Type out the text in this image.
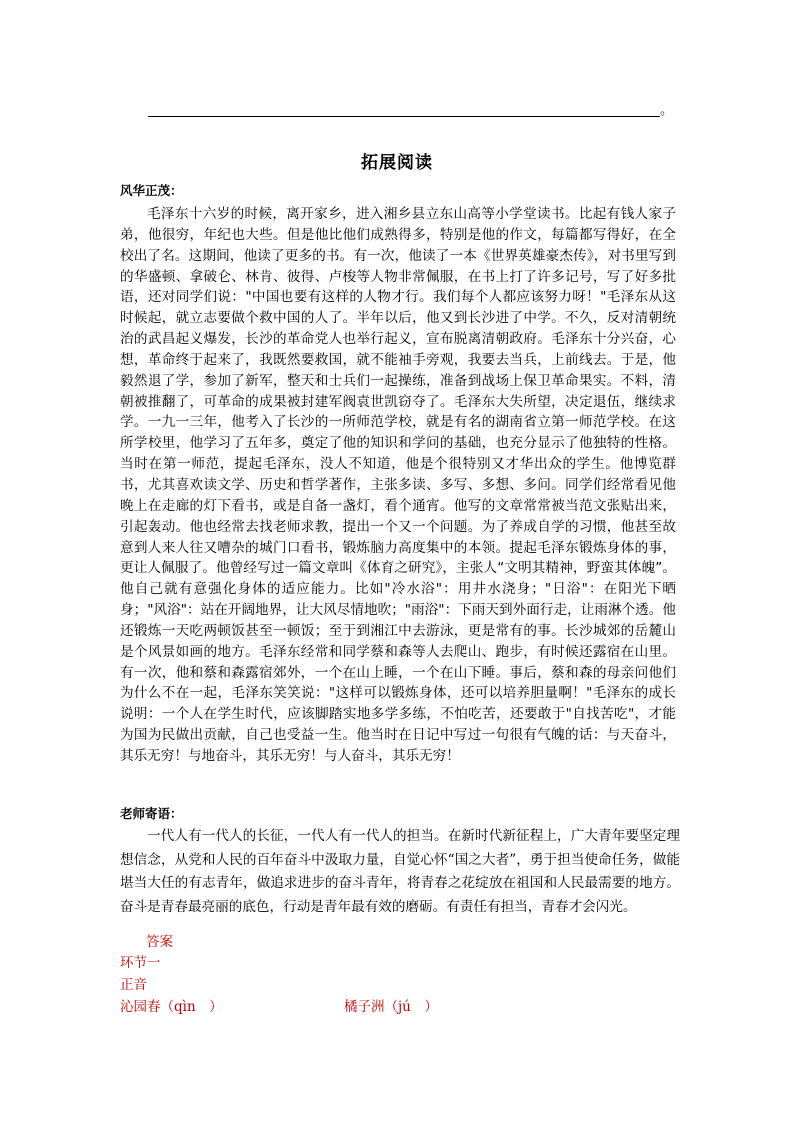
。
拓展阅读
风华正茂：

毛泽东十六岁的时候，离开家乡，进入湘乡县立东山高等小学堂读书。比起有钱人家子弟，他很穷，年纪也大些。但是他比他们成熟得多，特别是他的作文，每篇都写得好，在全校出了名。这期间，他读了更多的书。有一次，他读了一本《世界英雄豪杰传》，对书里写到的华盛顿、拿破仑、林肯、彼得、卢梭等人物非常佩服，在书上打了许多记号，写了好多批语，还对同学们说："中国也要有这样的人物才行。我们每个人都应该努力呀！"毛泽东从这时候起，就立志要做个救中国的人了。半年以后，他又到长沙进了中学。不久，反对清朝统治的武昌起义爆发，长沙的革命党人也举行起义，宣布脱离清朝政府。毛泽东十分兴奋，心想，革命终于起来了，我既然要救国，就不能袖手旁观，我要去当兵，上前线去。于是，他毅然退了学，参加了新军，整天和士兵们一起操练，准备到战场上保卫革命果实。不料，清朝被推翻了，可革命的成果被封建军阀袁世凯窃夺了。毛泽东大失所望，决定退伍，继续求学。一九一三年，他考入了长沙的一所师范学校，就是有名的湖南省立第一师范学校。在这所学校里，他学习了五年多，奠定了他的知识和学问的基础，也充分显示了他独特的性格。当时在第一师范，提起毛泽东，没人不知道，他是个很特别又才华出众的学生。他博览群书，尤其喜欢读文学、历史和哲学著作，主张多读、多写、多想、多问。同学们经常看见他晚上在走廊的灯下看书，或是自备一盏灯，看个通宵。他写的文章常常被当范文张贴出来，引起轰动。他也经常去找老师求教，提出一个又一个问题。为了养成自学的习惯，他甚至故意到人来人往又嘈杂的城门口看书，锻炼脑力高度集中的本领。提起毛泽东锻炼身体的事，更让人佩服了。他曾经写过一篇文章叫《体育之研究》，主张人“文明其精神，野蛮其体魄”。他自己就有意强化身体的适应能力。比如"冷水浴"：用井水浇身；"日浴"：在阳光下晒身；"风浴"：站在开阔地界，让大风尽情地吹；"雨浴"：下雨天到外面行走，让雨淋个透。他还锻炼一天吃两顿饭甚至一顿饭；至于到湘江中去游泳，更是常有的事。长沙城郊的岳麓山是个风景如画的地方。毛泽东经常和同学蔡和森等人去爬山、跑步，有时候还露宿在山里。有一次，他和蔡和森露宿郊外，一个在山上睡，一个在山下睡。事后，蔡和森的母亲问他们为什么不在一起，毛泽东笑笑说："这样可以锻炼身体，还可以培养胆量啊！"毛泽东的成长说明：一个人在学生时代，应该脚踏实地多学多练，不怕吃苦，还要敢于"自找苦吃"，才能为国为民做出贡献，自己也受益一生。他当时在日记中写过一句很有气魄的话：与天奋斗，其乐无穷！与地奋斗，其乐无穷！与人奋斗，其乐无穷！

老师寄语：

一代人有一代人的长征，一代人有一代人的担当。在新时代新征程上，广大青年要坚定理想信念，从党和人民的百年奋斗中汲取力量，自觉心怀“国之大者”，勇于担当使命任务，做能堪当大任的有志青年，做追求进步的奋斗青年，将青春之花绽放在祖国和人民最需要的地方。奋斗是青春最亮丽的底色，行动是青年最有效的磨砺。有责任有担当，青春才会闪光。

答案
环节一
正音
沁园春（qìn　）	橘子洲（jú　）
